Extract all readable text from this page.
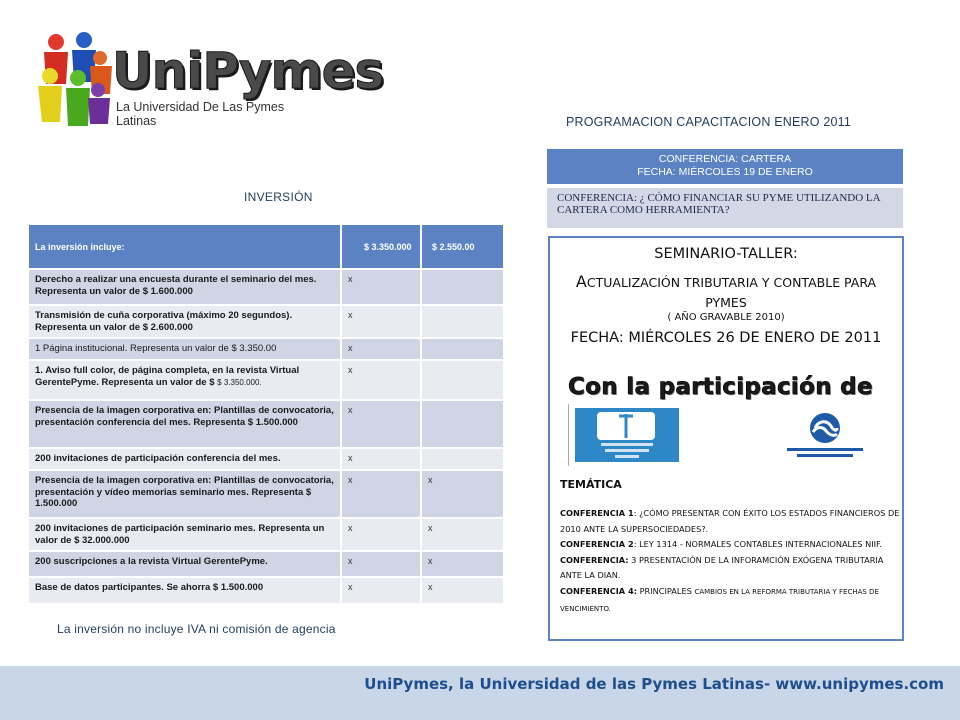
UniPymes
La Universidad De Las Pymes Latinas	PROGRAMACION CAPACITACION ENERO 2011
INVERSIÓN
CONFERENCIA: CARTERA
FECHA: MIÉRCOLES 19 DE ENERO
CONFERENCIA: ¿ CÓMO FINANCIAR SU PYME UTILIZANDO LA CARTERA COMO HERRAMIENTA?
La inversión incluye:	$ 3.350.000	$ 2.550.00
Derecho a realizar una encuesta durante el seminario del mes. Representa un valor de $ 1.600.000	x	
Transmisión de cuña corporativa (máximo 20 segundos). Representa un valor de $ 2.600.000	x	
1 Página institucional. Representa un valor de $ 3.350.00	x	
1. Aviso full color, de página completa, en la revista Virtual GerentePyme. Representa un valor de $ $ 3.350.000.	x	
Presencia de la imagen corporativa en: Plantillas de convocatoria, presentación conferencia del mes. Representa $ 1.500.000	x	
200 invitaciones de participación conferencia del mes.	x	
Presencia de la imagen corporativa en: Plantillas de convocatoria, presentación y vídeo memorias seminario mes. Representa $ 1.500.000	x	x
200 invitaciones de participación seminario mes. Representa un valor de $ 32.000.000	x	x
200 suscripciones a la revista Virtual GerentePyme.	x	x
Base de datos participantes. Se ahorra $ 1.500.000	x	x
La inversión no incluye IVA ni comisión de agencia
SEMINARIO-TALLER:
ACTUALIZACIÓN TRIBUTARIA Y CONTABLE PARA PYMES
( AÑO GRAVABLE 2010)
FECHA: MIÉRCOLES 26 DE ENERO DE 2011
Con la participación de
TEMÁTICA
CONFERENCIA 1: ¿CÓMO PRESENTAR CON ÉXITO LOS ESTADOS FINANCIEROS DE 2010 ANTE LA SUPERSOCIEDADES?.
CONFERENCIA 2: LEY 1314 - NORMALES CONTABLES INTERNACIONALES NIIF.
CONFERENCIA: 3 PRESENTACIÓN DE LA INFORAMCIÓN EXÓGENA TRIBUTARIA ANTE LA DIAN.
CONFERENCIA 4: PRINCIPALES CAMBIOS EN LA REFORMA TRIBUTARIA Y FECHAS DE VENCIMIENTO.
UniPymes, la Universidad de las Pymes Latinas- www.unipymes.com
